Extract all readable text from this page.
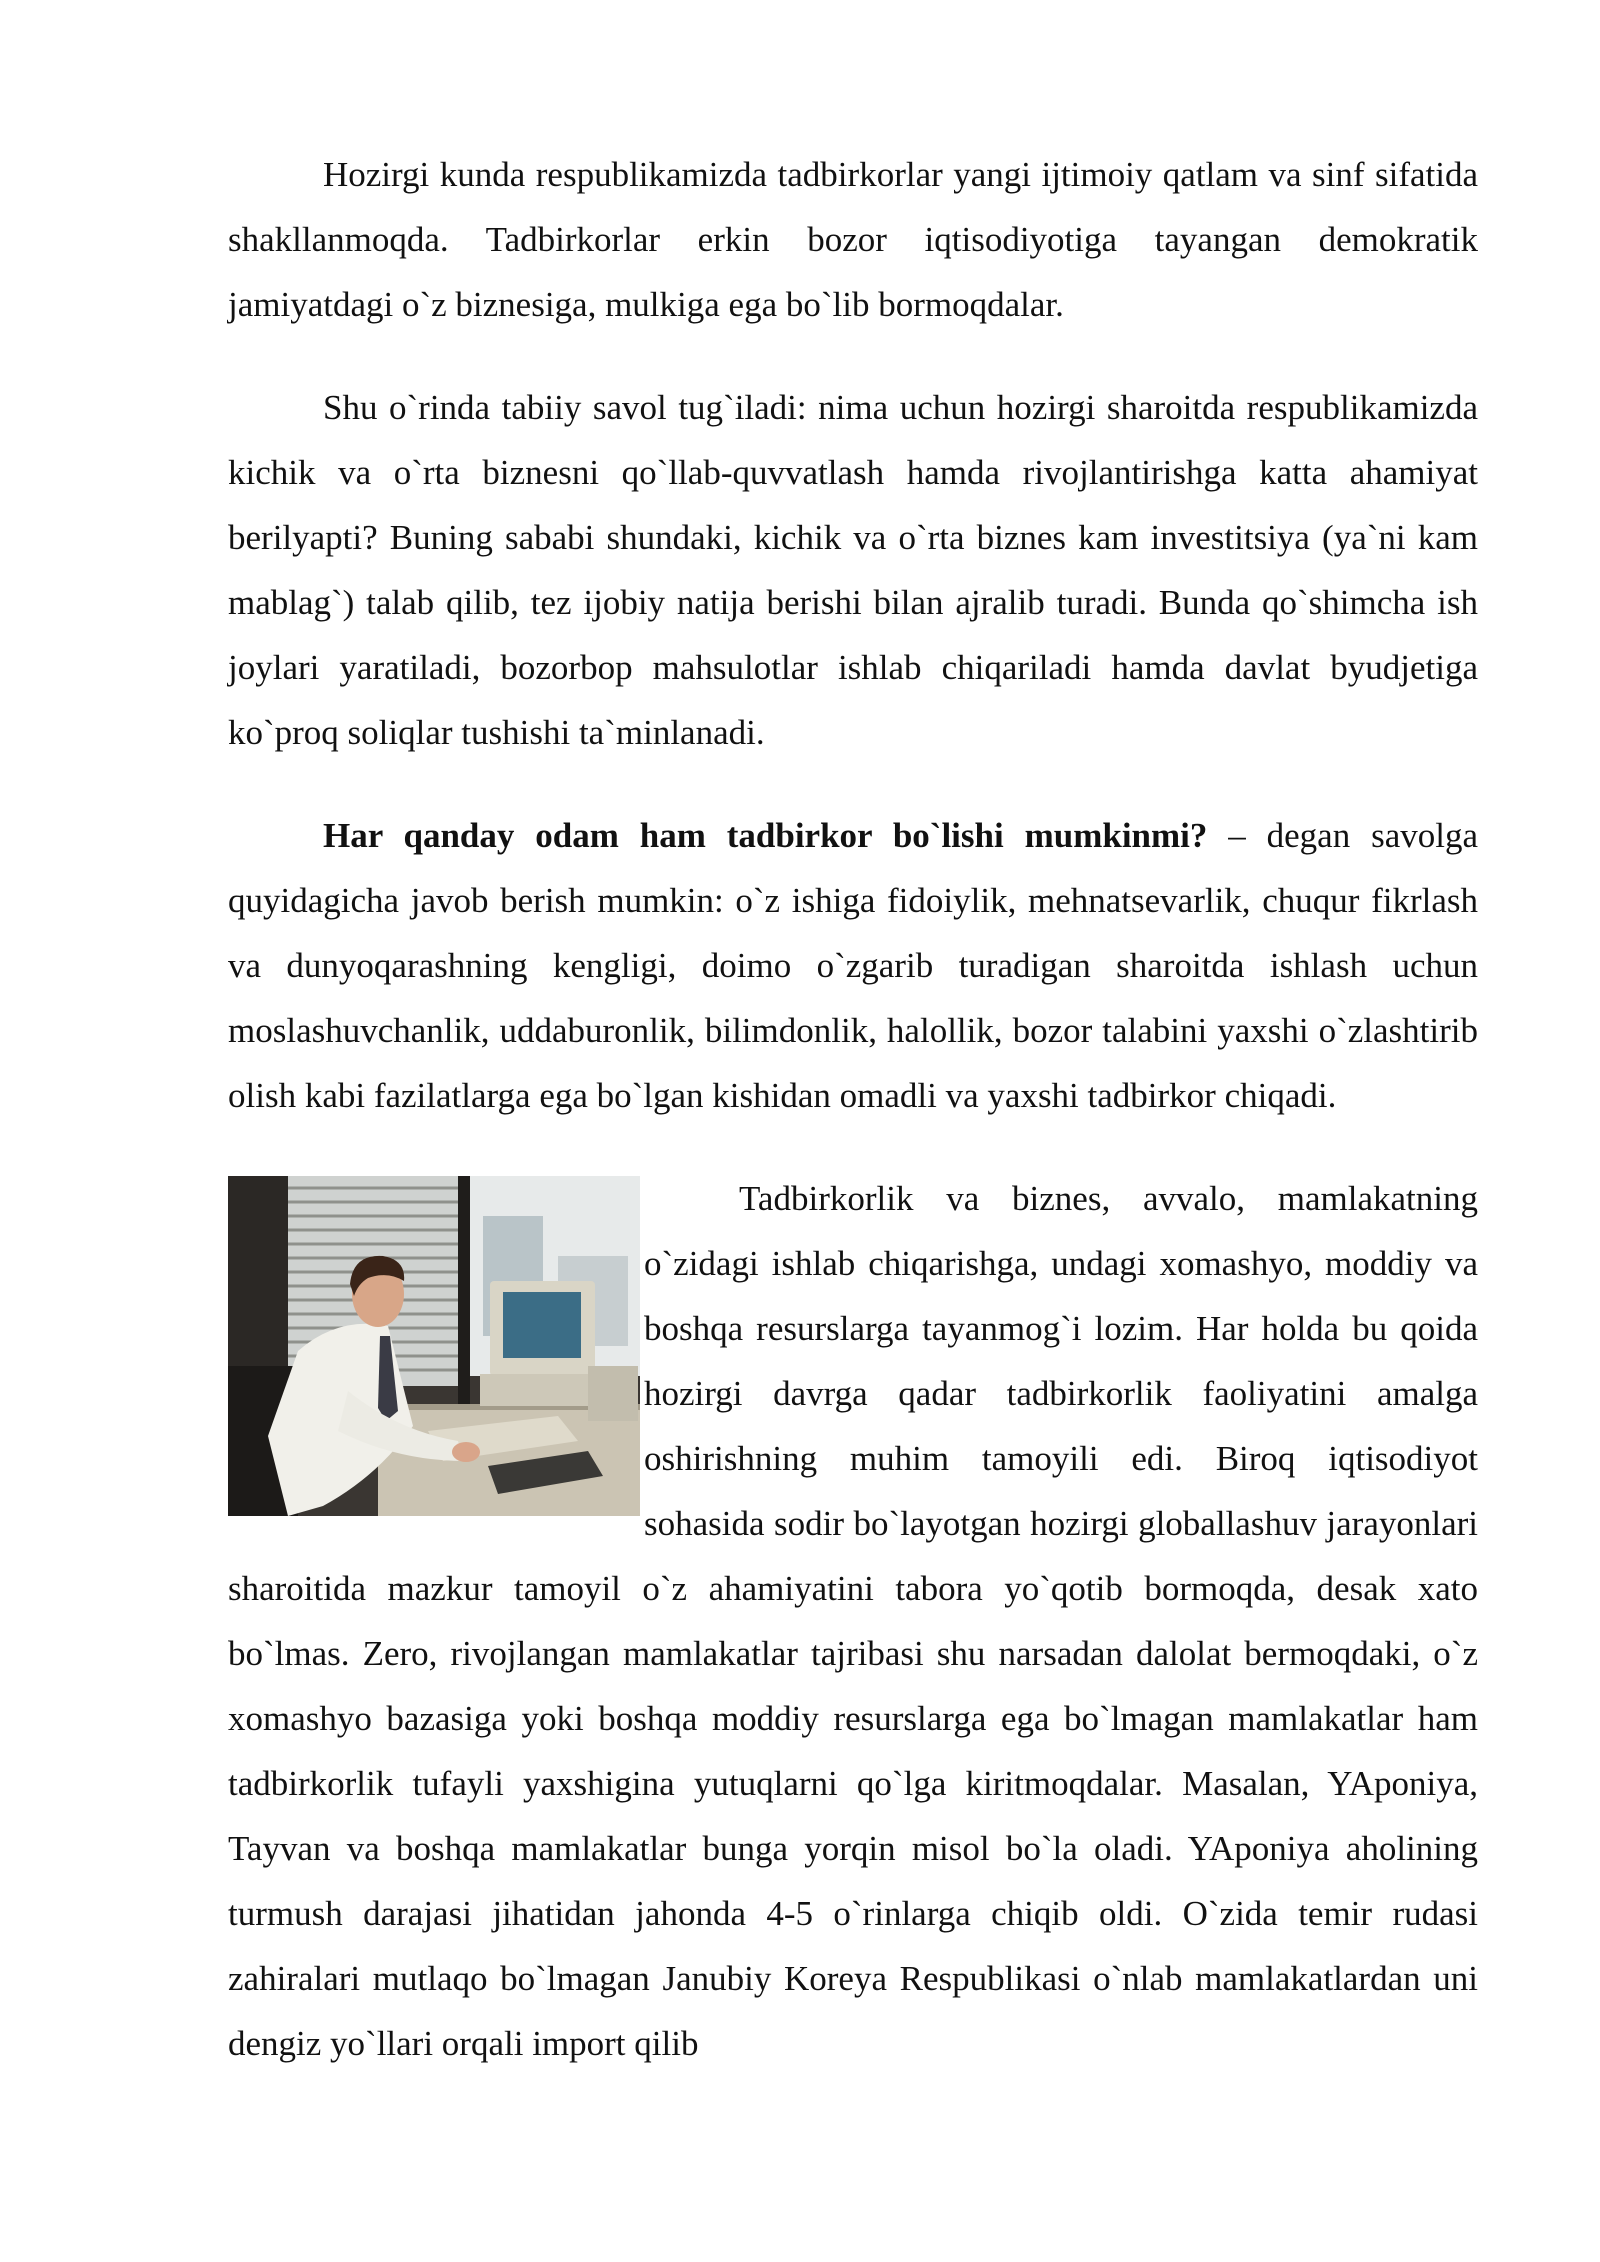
Hozirgi kunda respublikamizda tadbirkorlar yangi ijtimoiy qatlam va sinf sifatida shakllanmoqda. Tadbirkorlar erkin bozor iqtisodiyotiga tayangan demokratik jamiyatdagi o`z biznesiga, mulkiga ega bo`lib bormoqdalar.

Shu o`rinda tabiiy savol tug`iladi: nima uchun hozirgi sharoitda respublikamizda kichik va o`rta biznesni qo`llab-quvvatlash hamda rivojlantirishga katta ahamiyat berilyapti? Buning sababi shundaki, kichik va o`rta biznes kam investitsiya (ya`ni kam mablag`) talab qilib, tez ijobiy natija berishi bilan ajralib turadi. Bunda qo`shimcha ish joylari yaratiladi, bozorbop mahsulotlar ishlab chiqariladi hamda davlat byudjetiga ko`proq soliqlar tushishi ta`minlanadi.

Har qanday odam ham tadbirkor bo`lishi mumkinmi? – degan savolga quyidagicha javob berish mumkin: o`z ishiga fidoiylik, mehnatsevarlik, chuqur fikrlash va dunyoqarashning kengligi, doimo o`zgarib turadigan sharoitda ishlash uchun moslashuvchanlik, uddaburonlik, bilimdonlik, halollik, bozor talabini yaxshi o`zlashtirib olish kabi fazilatlarga ega bo`lgan kishidan omadli va yaxshi tadbirkor chiqadi.

Tadbirkorlik va biznes, avvalo, mamlakatning o`zidagi ishlab chiqarishga, undagi xomashyo, moddiy va boshqa resurslarga tayanmog`i lozim. Har holda bu qoida hozirgi davrga qadar tadbirkorlik faoliyatini amalga oshirishning muhim tamoyili edi. Biroq iqtisodiyot sohasida sodir bo`layotgan hozirgi globallashuv jarayonlari sharoitida mazkur tamoyil o`z ahamiyatini tabora yo`qotib bormoqda, desak xato bo`lmas. Zero, rivojlangan mamlakatlar tajribasi shu narsadan dalolat bermoqdaki, o`z xomashyo bazasiga yoki boshqa moddiy resurslarga ega bo`lmagan mamlakatlar ham tadbirkorlik tufayli yaxshigina yutuqlarni qo`lga kiritmoqdalar. Masalan, YAponiya, Tayvan va boshqa mamlakatlar bunga yorqin misol bo`la oladi. YAponiya aholining turmush darajasi jihatidan jahonda 4-5 o`rinlarga chiqib oldi. O`zida temir rudasi zahiralari mutlaqo bo`lmagan Janubiy Koreya Respublikasi o`nlab mamlakatlardan uni dengiz yo`llari orqali import qilib
